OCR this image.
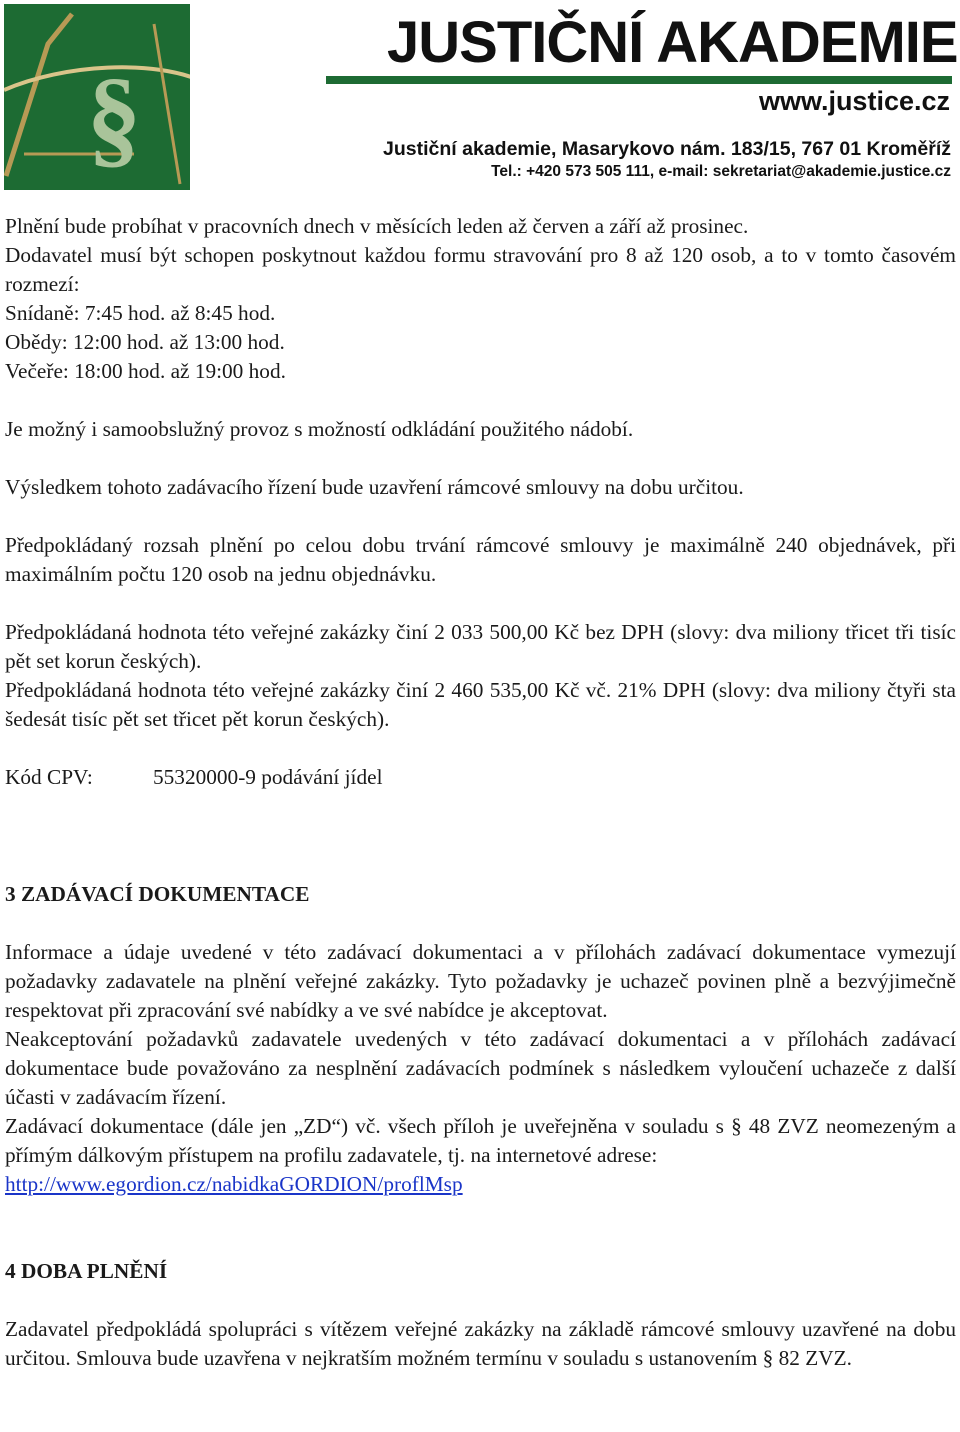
§
JUSTIČNÍ AKADEMIE
www.justice.cz
Justiční akademie, Masarykovo nám. 183/15, 767 01 Kroměříž
Tel.: +420 573 505 111, e-mail: sekretariat@akademie.justice.cz

Plnění bude probíhat v pracovních dnech v měsících leden až červen a září až prosinec.

Dodavatel musí být schopen poskytnout každou formu stravování pro 8 až 120 osob, a to v tomto časovém rozmezí:

Snídaně: 7:45 hod. až 8:45 hod.

Obědy: 12:00 hod. až 13:00 hod.

Večeře: 18:00 hod. až 19:00 hod.

Je možný i samoobslužný provoz s možností odkládání použitého nádobí.

Výsledkem tohoto zadávacího řízení bude uzavření rámcové smlouvy na dobu určitou.

Předpokládaný rozsah plnění po celou dobu trvání rámcové smlouvy je maximálně 240 objednávek, při maximálním počtu 120 osob na jednu objednávku.

Předpokládaná hodnota této veřejné zakázky činí 2 033 500,00 Kč bez DPH (slovy: dva miliony třicet tři tisíc pět set korun českých).

Předpokládaná hodnota této veřejné zakázky činí 2 460 535,00 Kč vč. 21% DPH (slovy: dva miliony čtyři sta šedesát tisíc pět set třicet pět korun českých).

Kód CPV:	55320000-9 podávání jídel

3 ZADÁVACÍ DOKUMENTACE

Informace a údaje uvedené v této zadávací dokumentaci a v přílohách zadávací dokumentace vymezují požadavky zadavatele na plnění veřejné zakázky. Tyto požadavky je uchazeč povinen plně a bezvýjimečně respektovat při zpracování své nabídky a ve své nabídce je akceptovat.

Neakceptování požadavků zadavatele uvedených v této zadávací dokumentaci a v přílohách zadávací dokumentace bude považováno za nesplnění zadávacích podmínek s následkem vyloučení uchazeče z další účasti v zadávacím řízení.

Zadávací dokumentace (dále jen „ZD“) vč. všech příloh je uveřejněna v souladu s § 48 ZVZ neomezeným a přímým dálkovým přístupem na profilu zadavatele, tj. na internetové adrese:

http://www.egordion.cz/nabidkaGORDION/proflMsp

4 DOBA PLNĚNÍ

Zadavatel předpokládá spolupráci s vítězem veřejné zakázky na základě rámcové smlouvy uzavřené na dobu určitou. Smlouva bude uzavřena v nejkratším možném termínu v souladu s ustanovením § 82 ZVZ.
